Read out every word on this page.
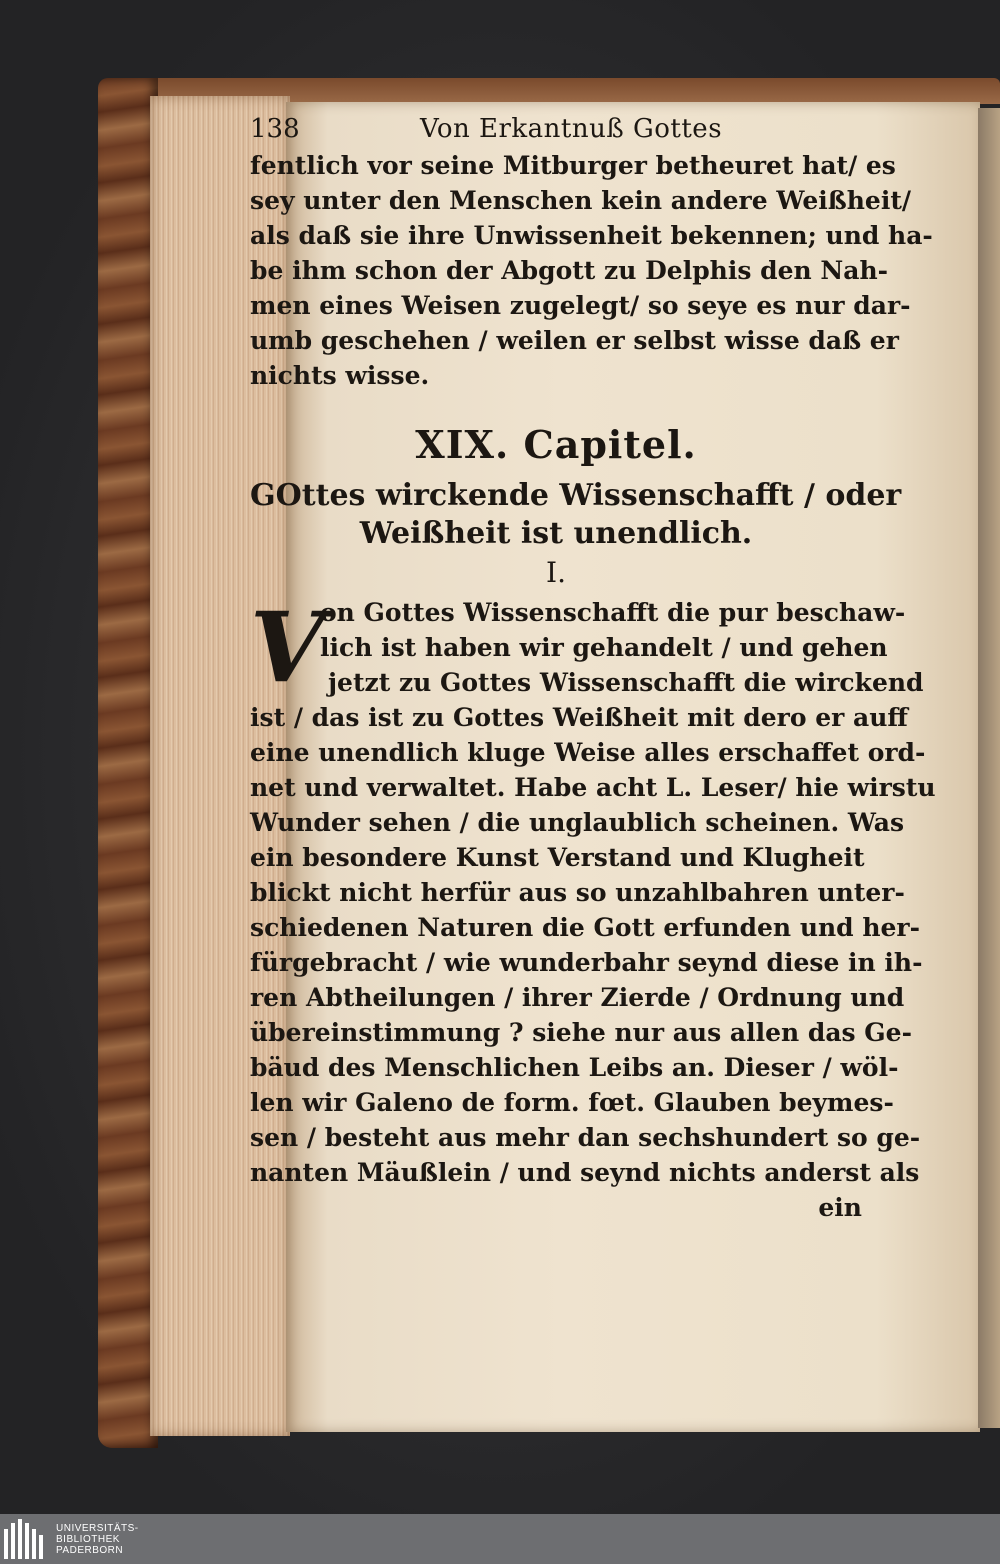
138	Von Erkantnuß Gottes
fentlich vor seine Mitburger betheuret hat/ es
sey unter den Menschen kein andere Weißheit/
als daß sie ihre Unwissenheit bekennen; und ha-
be ihm schon der Abgott zu Delphis den Nah-
men eines Weisen zugelegt/ so seye es nur dar-
umb geschehen / weilen er selbst wisse daß er
nichts wisse.
XIX. Capitel.
GOttes wirckende Wissenschafft / oder
Weißheit ist unendlich.
I.
V
on Gottes Wissenschafft die pur beschaw-
lich ist haben wir gehandelt / und gehen
jetzt zu Gottes Wissenschafft die wirckend
ist / das ist zu Gottes Weißheit mit dero er auff
eine unendlich kluge Weise alles erschaffet ord-
net und verwaltet. Habe acht L. Leser/ hie wirstu
Wunder sehen / die unglaublich scheinen. Was
ein besondere Kunst Verstand und Klugheit
blickt nicht herfür aus so unzahlbahren unter-
schiedenen Naturen die Gott erfunden und her-
fürgebracht / wie wunderbahr seynd diese in ih-
ren Abtheilungen / ihrer Zierde / Ordnung und
übereinstimmung ? siehe nur aus allen das Ge-
bäud des Menschlichen Leibs an. Dieser / wöl-
len wir Galeno de form. fœt. Glauben beymes-
sen / besteht aus mehr dan sechshundert so ge-
nanten Mäußlein / und seynd nichts anderst als
ein
UNIVERSITÄTS-
BIBLIOTHEK
PADERBORN
